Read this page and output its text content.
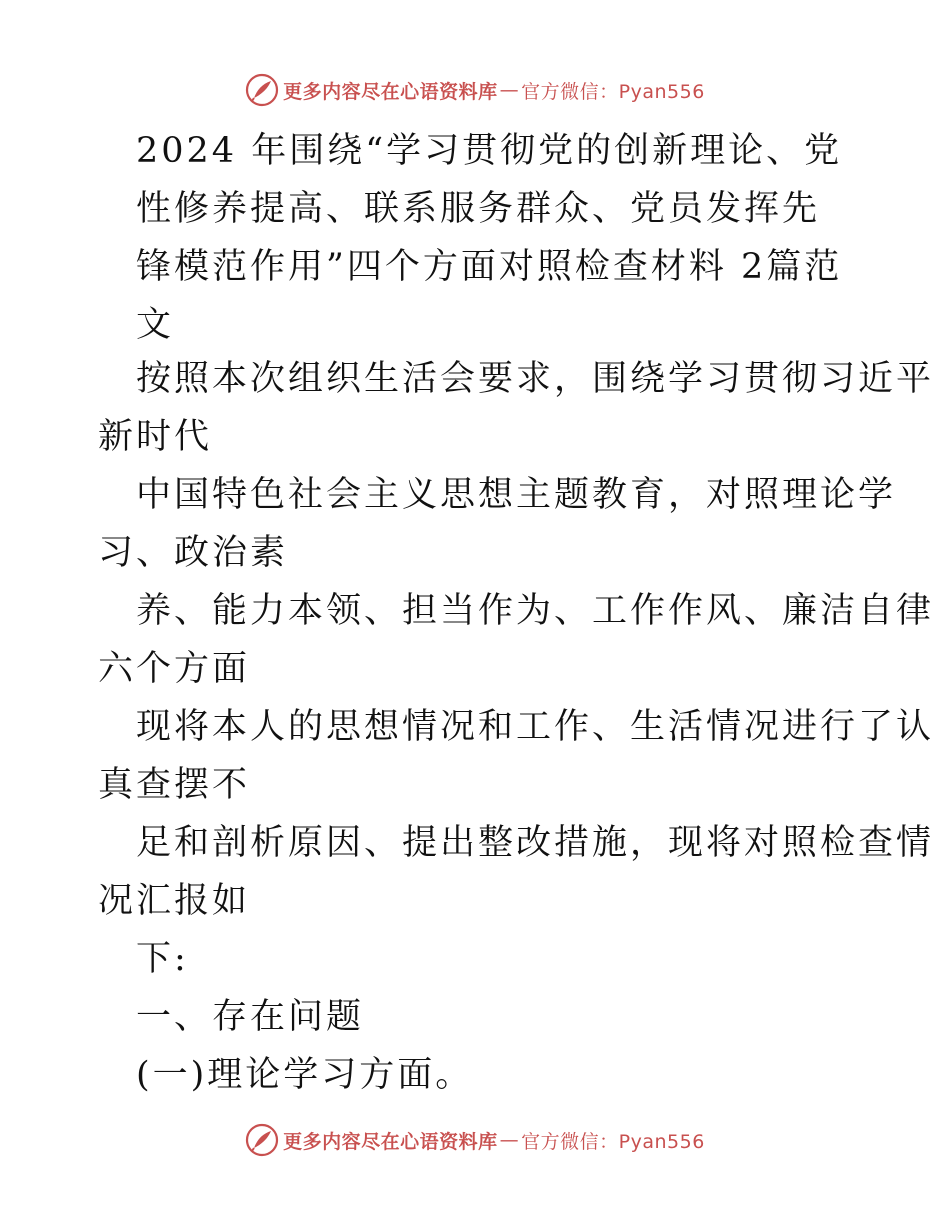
更多内容尽在心语资料库 — 官方微信：Pyan556
2024 年围绕“学习贯彻党的创新理论、党
性修养提高、联系服务群众、党员发挥先
锋模范作用”四个方面对照检查材料 2篇范
文

按照本次组织生活会要求，围绕学习贯彻习近平
新时代

中国特色社会主义思想主题教育，对照理论学
习、政治素

养、能力本领、担当作为、工作作风、廉洁自律
六个方面

现将本人的思想情况和工作、生活情况进行了认
真查摆不

足和剖析原因、提出整改措施，现将对照检查情
况汇报如

下:

一、存在问题

(一)理论学习方面。

更多内容尽在心语资料库 — 官方微信：Pyan556
